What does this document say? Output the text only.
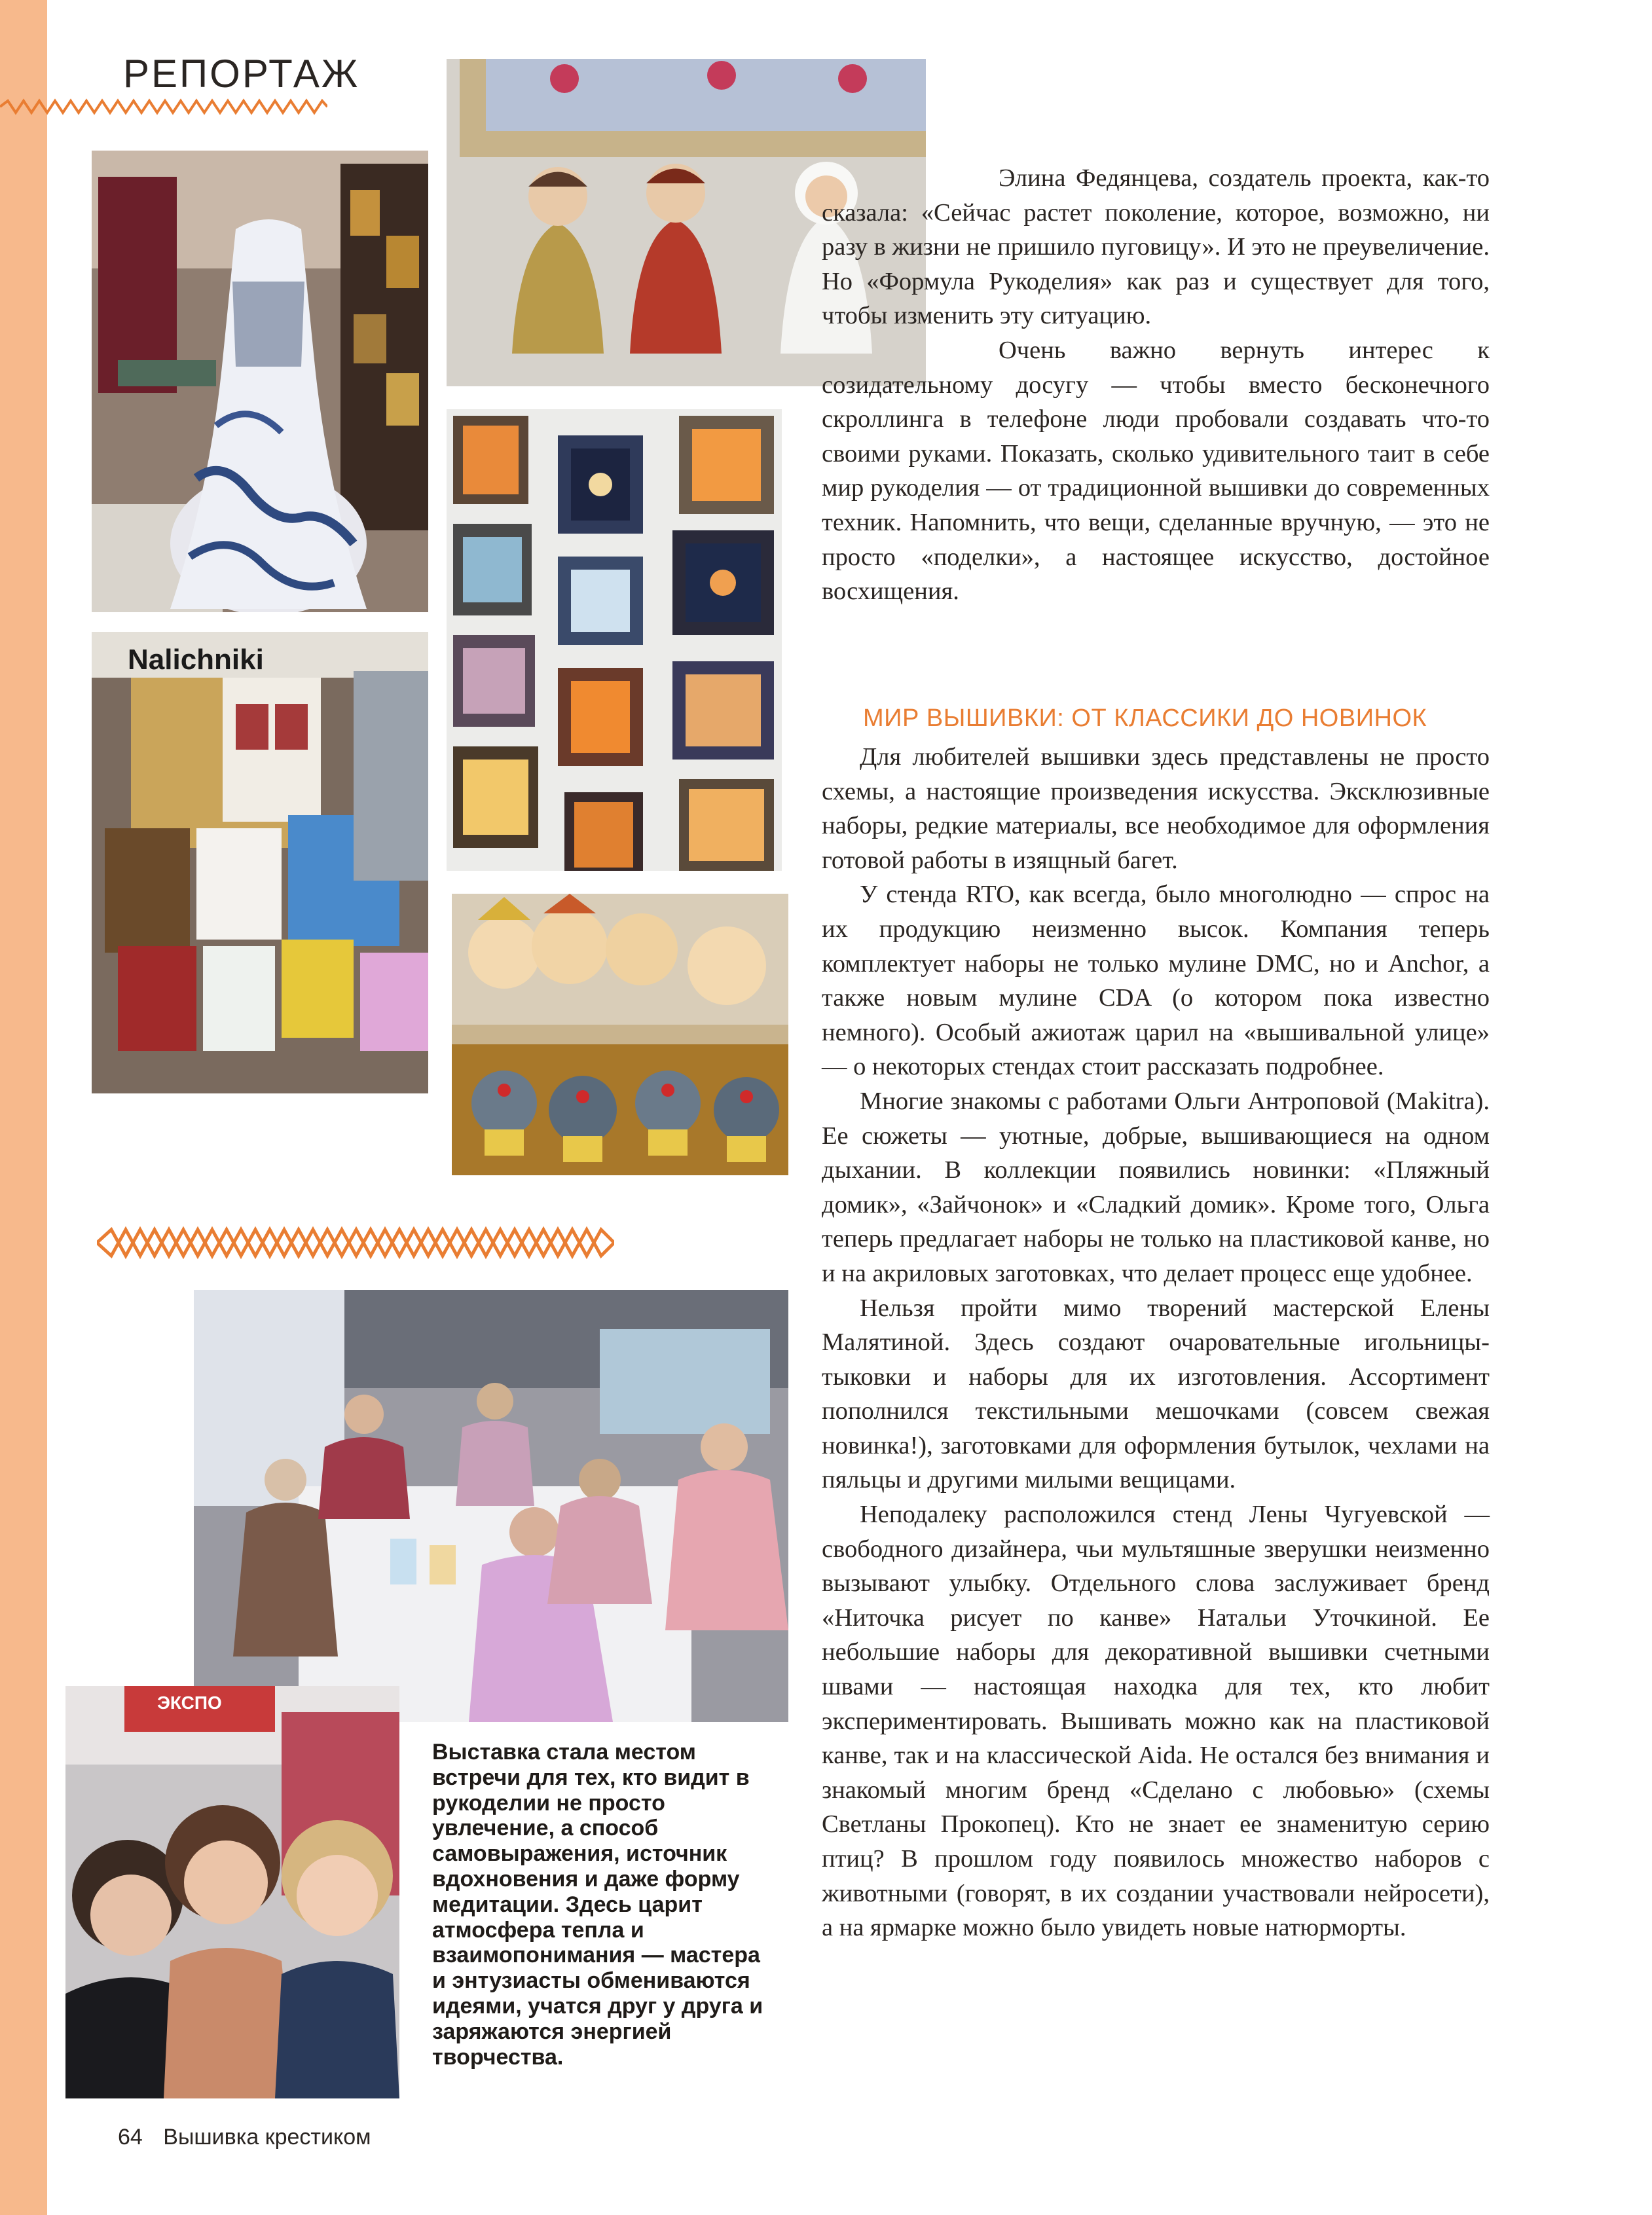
РЕПОРТАЖ
Nalichniki
ЭКСПО

Элина Федянцева, создатель проекта, как-то сказала: «Сейчас растет поколение, которое, возможно, ни разу в жизни не пришило пуговицу». И это не преувеличение. Но «Формула Рукоделия» как раз и существует для того, чтобы изменить эту ситуацию.

Очень важно вернуть интерес к созидательному досугу — чтобы вместо бесконечного скроллинга в телефоне люди пробовали создавать что-то своими руками. Показать, сколько удивительного таит в себе мир рукоделия — от традиционной вышивки до современных техник. Напомнить, что вещи, сделанные вручную, — это не просто «поделки», а настоящее искусство, достойное восхищения.

МИР ВЫШИВКИ: ОТ КЛАССИКИ ДО НОВИНОК

Для любителей вышивки здесь представлены не просто схемы, а настоящие произведения искусства. Эксклюзивные наборы, редкие материалы, все необходимое для оформления готовой работы в изящный багет.

У стенда RTO, как всегда, было многолюдно — спрос на их продукцию неизменно высок. Компания теперь комплектует наборы не только мулине DMC, но и Anchor, а также новым мулине CDA (о котором пока известно немного). Особый ажиотаж царил на «вышивальной улице» — о некоторых стендах стоит рассказать подробнее.

Многие знакомы с работами Ольги Антроповой (Makitra). Ее сюжеты — уютные, добрые, вышивающиеся на одном дыхании. В коллекции появились новинки: «Пляжный домик», «Зайчонок» и «Сладкий домик». Кроме того, Ольга теперь предлагает наборы не только на пластиковой канве, но и на акриловых заготовках, что делает процесс еще удобнее.

Нельзя пройти мимо творений мастерской Елены Малятиной. Здесь создают очаровательные игольницы-тыковки и наборы для их изготовления. Ассортимент пополнился текстильными мешочками (совсем свежая новинка!), заготовками для оформления бутылок, чехлами на пяльцы и другими милыми вещицами.

Неподалеку расположился стенд Лены Чугуевской — свободного дизайнера, чьи мультяшные зверушки неизменно вызывают улыбку. Отдельного слова заслуживает бренд «Ниточка рисует по канве» Натальи Уточкиной. Ее небольшие наборы для декоративной вышивки счетными швами — настоящая находка для тех, кто любит экспериментировать. Вышивать можно как на пластиковой канве, так и на классической Aida. Не остался без внимания и знакомый многим бренд «Сделано с любовью» (схемы Светланы Прокопец). Кто не знает ее знаменитую серию птиц? В прошлом году появилось множество наборов с животными (говорят, в их создании участвовали нейросети), а на ярмарке можно было увидеть новые натюрморты.

Выставка стала местом встречи для тех, кто видит в рукоделии не просто увлечение, а способ самовыражения, источник вдохновения и даже форму медитации. Здесь царит атмосфера тепла и взаимопонимания — мастера и энтузиасты обмениваются идеями, учатся друг у друга и заряжаются энергией творчества.

64 Вышивка крестиком
